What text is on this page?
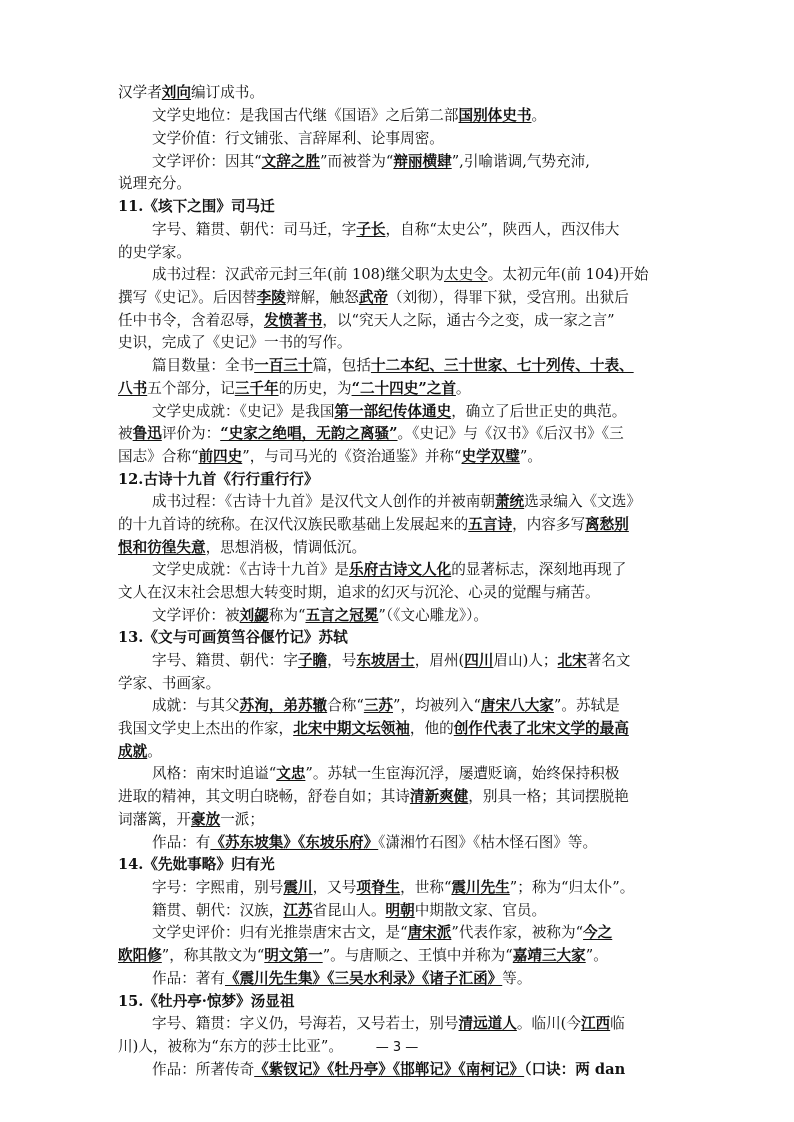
汉学者刘向编订成书。
文学史地位：是我国古代继《国语》之后第二部国别体史书。
文学价值：行文铺张、言辞犀利、论事周密。
文学评价：因其“文辞之胜”而被誉为“辩丽横肆”,引喻谐调,气势充沛,
说理充分。
11.《垓下之围》司马迁
字号、籍贯、朝代：司马迁，字子长，自称“太史公”，陕西人，西汉伟大
的史学家。
成书过程：汉武帝元封三年(前 108)继父职为太史令。太初元年(前 104)开始
撰写《史记》。后因替李陵辩解，触怒武帝（刘彻），得罪下狱，受宫刑。出狱后
任中书令，含着忍辱，发愤著书，以“究天人之际，通古今之变，成一家之言”
史识，完成了《史记》一书的写作。
篇目数量：全书一百三十篇，包括十二本纪、三十世家、七十列传、十表、
八书五个部分，记三千年的历史，为“二十四史”之首。
文学史成就：《史记》是我国第一部纪传体通史，确立了后世正史的典范。
被鲁迅评价为：“史家之绝唱，无韵之离骚”。《史记》与《汉书》《后汉书》《三
国志》合称“前四史”，与司马光的《资治通鉴》并称“史学双璧”。
12.古诗十九首《行行重行行》
成书过程：《古诗十九首》是汉代文人创作的并被南朝萧统选录编入《文选》
的十九首诗的统称。在汉代汉族民歌基础上发展起来的五言诗，内容多写离愁别
恨和彷徨失意，思想消极，情调低沉。
文学史成就：《古诗十九首》是乐府古诗文人化的显著标志，深刻地再现了
文人在汉末社会思想大转变时期，追求的幻灭与沉沦、心灵的觉醒与痛苦。
文学评价：被刘勰称为“五言之冠冕”（《文心雕龙》）。
13.《文与可画筼筜谷偃竹记》苏轼
字号、籍贯、朝代：字子瞻，号东坡居士，眉州(四川眉山)人；北宋著名文
学家、书画家。
成就：与其父苏洵，弟苏辙合称“三苏”，均被列入“唐宋八大家”。苏轼是
我国文学史上杰出的作家，北宋中期文坛领袖，他的创作代表了北宋文学的最高
成就。
风格：南宋时追谥“文忠”。苏轼一生宦海沉浮，屡遭贬谪，始终保持积极
进取的精神，其文明白晓畅，舒卷自如；其诗清新爽健，别具一格；其词摆脱艳
词藩篱，开豪放一派；
作品：有《苏东坡集》《东坡乐府》《潇湘竹石图》《枯木怪石图》等。
14.《先妣事略》归有光
字号：字熙甫，别号震川，又号项脊生，世称“震川先生”；称为“归太仆”。
籍贯、朝代：汉族，江苏省昆山人。明朝中期散文家、官员。
文学史评价：归有光推崇唐宋古文，是“唐宋派”代表作家，被称为“今之
欧阳修”，称其散文为“明文第一”。与唐顺之、王慎中并称为“嘉靖三大家”。
作品：著有《震川先生集》《三吴水利录》《诸子汇函》等。
15.《牡丹亭·惊梦》汤显祖
字号、籍贯：字义仍，号海若，又号若士，别号清远道人。临川(今江西临
川)人，被称为“东方的莎士比亚”。
作品：所著传奇《紫钗记》《牡丹亭》《邯郸记》《南柯记》（口诀：两 dan
— 3 —
